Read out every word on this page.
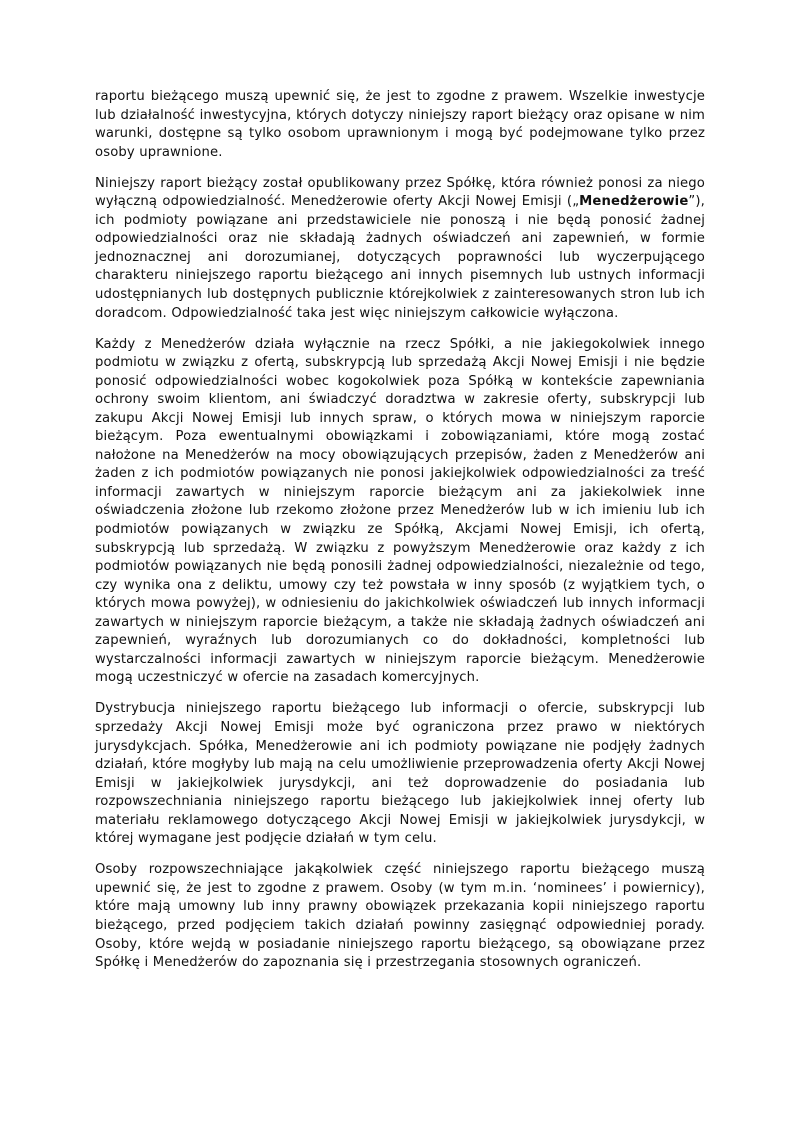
raportu bieżącego muszą upewnić się, że jest to zgodne z prawem. Wszelkie inwestycje lub działalność inwestycyjna, których dotyczy niniejszy raport bieżący oraz opisane w nim warunki, dostępne są tylko osobom uprawnionym i mogą być podejmowane tylko przez osoby uprawnione.

Niniejszy raport bieżący został opublikowany przez Spółkę, która również ponosi za niego wyłączną odpowiedzialność. Menedżerowie oferty Akcji Nowej Emisji („Menedżerowie”), ich podmioty powiązane ani przedstawiciele nie ponoszą i nie będą ponosić żadnej odpowiedzialności oraz nie składają żadnych oświadczeń ani zapewnień, w formie jednoznacznej ani dorozumianej, dotyczących poprawności lub wyczerpującego charakteru niniejszego raportu bieżącego ani innych pisemnych lub ustnych informacji udostępnianych lub dostępnych publicznie którejkolwiek z zainteresowanych stron lub ich doradcom. Odpowiedzialność taka jest więc niniejszym całkowicie wyłączona.

Każdy z Menedżerów działa wyłącznie na rzecz Spółki, a nie jakiegokolwiek innego podmiotu w związku z ofertą, subskrypcją lub sprzedażą Akcji Nowej Emisji i nie będzie ponosić odpowiedzialności wobec kogokolwiek poza Spółką w kontekście zapewniania ochrony swoim klientom, ani świadczyć doradztwa w zakresie oferty, subskrypcji lub zakupu Akcji Nowej Emisji lub innych spraw, o których mowa w niniejszym raporcie bieżącym. Poza ewentualnymi obowiązkami i zobowiązaniami, które mogą zostać nałożone na Menedżerów na mocy obowiązujących przepisów, żaden z Menedżerów ani żaden z ich podmiotów powiązanych nie ponosi jakiejkolwiek odpowiedzialności za treść informacji zawartych w niniejszym raporcie bieżącym ani za jakiekolwiek inne oświadczenia złożone lub rzekomo złożone przez Menedżerów lub w ich imieniu lub ich podmiotów powiązanych w związku ze Spółką, Akcjami Nowej Emisji, ich ofertą, subskrypcją lub sprzedażą. W związku z powyższym Menedżerowie oraz każdy z ich podmiotów powiązanych nie będą ponosili żadnej odpowiedzialności, niezależnie od tego, czy wynika ona z deliktu, umowy czy też powstała w inny sposób (z wyjątkiem tych, o których mowa powyżej), w odniesieniu do jakichkolwiek oświadczeń lub innych informacji zawartych w niniejszym raporcie bieżącym, a także nie składają żadnych oświadczeń ani zapewnień, wyraźnych lub dorozumianych co do dokładności, kompletności lub wystarczalności informacji zawartych w niniejszym raporcie bieżącym. Menedżerowie mogą uczestniczyć w ofercie na zasadach komercyjnych.

Dystrybucja niniejszego raportu bieżącego lub informacji o ofercie, subskrypcji lub sprzedaży Akcji Nowej Emisji może być ograniczona przez prawo w niektórych jurysdykcjach. Spółka, Menedżerowie ani ich podmioty powiązane nie podjęły żadnych działań, które mogłyby lub mają na celu umożliwienie przeprowadzenia oferty Akcji Nowej Emisji w jakiejkolwiek jurysdykcji, ani też doprowadzenie do posiadania lub rozpowszechniania niniejszego raportu bieżącego lub jakiejkolwiek innej oferty lub materiału reklamowego dotyczącego Akcji Nowej Emisji w jakiejkolwiek jurysdykcji, w której wymagane jest podjęcie działań w tym celu.

Osoby rozpowszechniające jakąkolwiek część niniejszego raportu bieżącego muszą upewnić się, że jest to zgodne z prawem. Osoby (w tym m.in. ‘nominees’ i powiernicy), które mają umowny lub inny prawny obowiązek przekazania kopii niniejszego raportu bieżącego, przed podjęciem takich działań powinny zasięgnąć odpowiedniej porady. Osoby, które wejdą w posiadanie niniejszego raportu bieżącego, są obowiązane przez Spółkę i Menedżerów do zapoznania się i przestrzegania stosownych ograniczeń.
